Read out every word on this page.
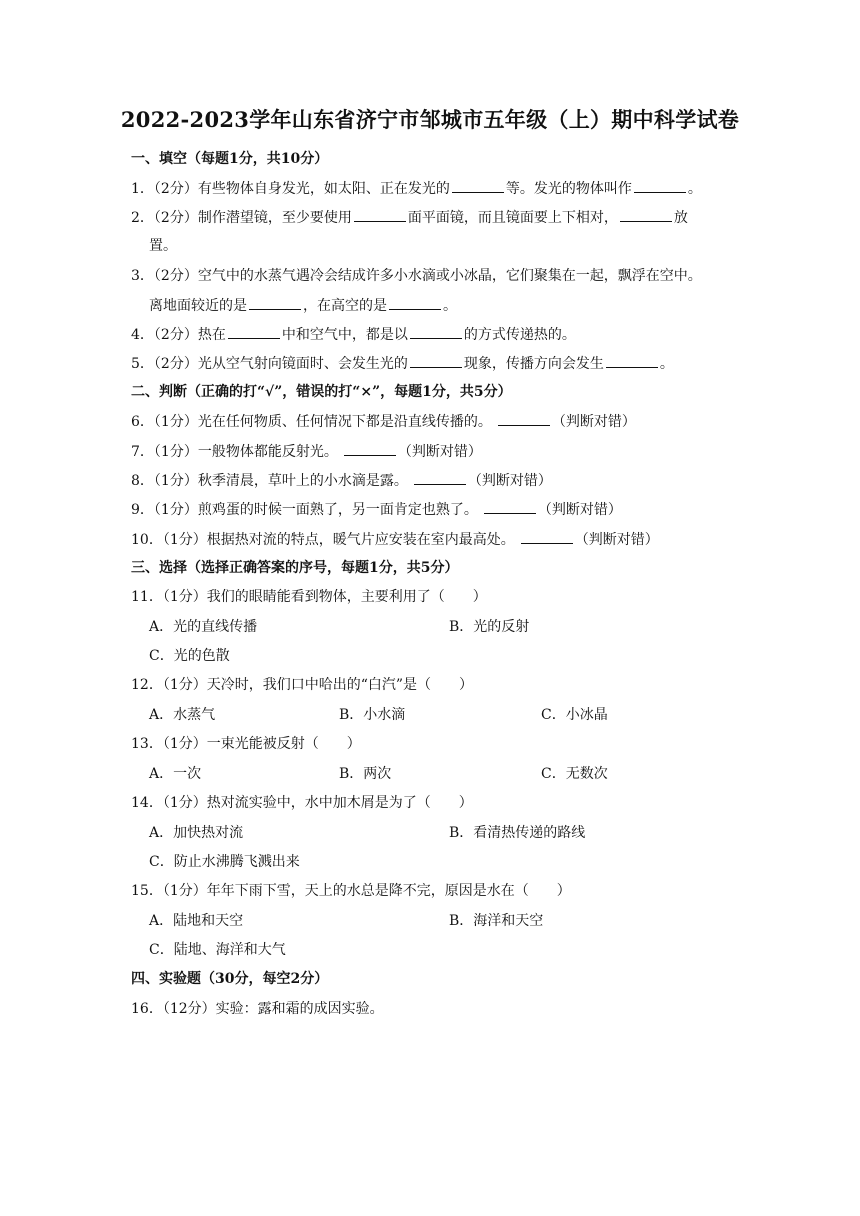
2022-2023学年山东省济宁市邹城市五年级（上）期中科学试卷
一、填空（每题1分，共10分）
1．（2分）有些物体自身发光，如太阳、正在发光的	等。发光的物体叫作	。
2．（2分）制作潜望镜，至少要使用	面平面镜，而且镜面要上下相对，	放
置。
3．（2分）空气中的水蒸气遇冷会结成许多小水滴或小冰晶，它们聚集在一起，飘浮在空中。
离地面较近的是	，在高空的是	。
4．（2分）热在	中和空气中，都是以	的方式传递热的。
5．（2分）光从空气射向镜面时、会发生光的	现象，传播方向会发生	。
二、判断（正确的打“√”，错误的打“×”，每题1分，共5分）
6．（1分）光在任何物质、任何情况下都是沿直线传播的。	（判断对错）
7．（1分）一般物体都能反射光。	（判断对错）
8．（1分）秋季清晨，草叶上的小水滴是露。	（判断对错）
9．（1分）煎鸡蛋的时候一面熟了，另一面肯定也熟了。	（判断对错）
10．（1分）根据热对流的特点，暖气片应安装在室内最高处。	（判断对错）
三、选择（选择正确答案的序号，每题1分，共5分）
11．（1分）我们的眼睛能看到物体，主要利用了（　　）
A．光的直线传播	B．光的反射
C．光的色散
12．（1分）天冷时，我们口中哈出的“白汽”是（　　）
A．水蒸气	B．小水滴	C．小冰晶
13．（1分）一束光能被反射（　　）
A．一次	B．两次	C．无数次
14．（1分）热对流实验中，水中加木屑是为了（　　）
A．加快热对流	B．看清热传递的路线
C．防止水沸腾飞溅出来
15．（1分）年年下雨下雪，天上的水总是降不完，原因是水在（　　）
A．陆地和天空	B．海洋和天空
C．陆地、海洋和大气
四、实验题（30分，每空2分）
16．（12分）实验：露和霜的成因实验。
